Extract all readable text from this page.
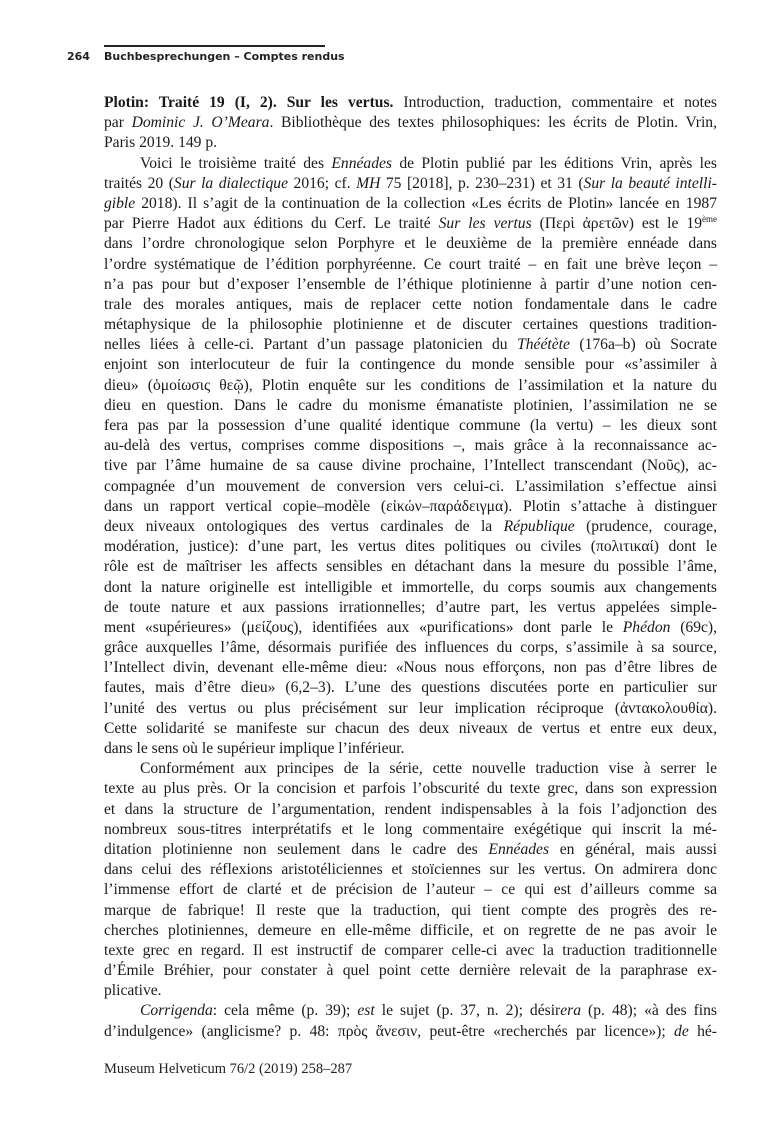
264 Buchbesprechungen – Comptes rendus
Plotin: Traité 19 (I, 2). Sur les vertus. Introduction, traduction, commentaire et notes
par Dominic J. O’Meara. Bibliothèque des textes philosophiques: les écrits de Plotin. Vrin,
Paris 2019. 149 p.
Voici le troisième traité des Ennéades de Plotin publié par les éditions Vrin, après les
traités 20 (Sur la dialectique 2016; cf. MH 75 [2018], p. 230–231) et 31 (Sur la beauté intelli-
gible 2018). Il s’agit de la continuation de la collection «Les écrits de Plotin» lancée en 1987
par Pierre Hadot aux éditions du Cerf. Le traité Sur les vertus (Περὶ ἀρετῶν) est le 19ème
dans l’ordre chronologique selon Porphyre et le deuxième de la première ennéade dans
l’ordre systématique de l’édition porphyréenne. Ce court traité – en fait une brève leçon –
n’a pas pour but d’exposer l’ensemble de l’éthique plotinienne à partir d’une notion cen-
trale des morales antiques, mais de replacer cette notion fondamentale dans le cadre
métaphysique de la philosophie plotinienne et de discuter certaines questions tradition-
nelles liées à celle-ci. Partant d’un passage platonicien du Théétète (176a–b) où Socrate
enjoint son interlocuteur de fuir la contingence du monde sensible pour «s’assimiler à
dieu» (ὁμοίωσις θεῷ), Plotin enquête sur les conditions de l’assimilation et la nature du
dieu en question. Dans le cadre du monisme émanatiste plotinien, l’assimilation ne se
fera pas par la possession d’une qualité identique commune (la vertu) – les dieux sont
au-delà des vertus, comprises comme dispositions –, mais grâce à la reconnaissance ac-
tive par l’âme humaine de sa cause divine prochaine, l’Intellect transcendant (Νοῦς), ac-
compagnée d’un mouvement de conversion vers celui-ci. L’assimilation s’effectue ainsi
dans un rapport vertical copie–modèle (εἰκών–παράδειγμα). Plotin s’attache à distinguer
deux niveaux ontologiques des vertus cardinales de la République (prudence, courage,
modération, justice): d’une part, les vertus dites politiques ou civiles (πολιτικαί) dont le
rôle est de maîtriser les affects sensibles en détachant dans la mesure du possible l’âme,
dont la nature originelle est intelligible et immortelle, du corps soumis aux changements
de toute nature et aux passions irrationnelles; d’autre part, les vertus appelées simple-
ment «supérieures» (μείζους), identifiées aux «purifications» dont parle le Phédon (69c),
grâce auxquelles l’âme, désormais purifiée des influences du corps, s’assimile à sa source,
l’Intellect divin, devenant elle-même dieu: «Nous nous efforçons, non pas d’être libres de
fautes, mais d’être dieu» (6,2–3). L’une des questions discutées porte en particulier sur
l’unité des vertus ou plus précisément sur leur implication réciproque (ἀντακολουθία).
Cette solidarité se manifeste sur chacun des deux niveaux de vertus et entre eux deux,
dans le sens où le supérieur implique l’inférieur.
Conformément aux principes de la série, cette nouvelle traduction vise à serrer le
texte au plus près. Or la concision et parfois l’obscurité du texte grec, dans son expression
et dans la structure de l’argumentation, rendent indispensables à la fois l’adjonction des
nombreux sous-titres interprétatifs et le long commentaire exégétique qui inscrit la mé-
ditation plotinienne non seulement dans le cadre des Ennéades en général, mais aussi
dans celui des réflexions aristotéliciennes et stoïciennes sur les vertus. On admirera donc
l’immense effort de clarté et de précision de l’auteur – ce qui est d’ailleurs comme sa
marque de fabrique! Il reste que la traduction, qui tient compte des progrès des re-
cherches plotiniennes, demeure en elle-même difficile, et on regrette de ne pas avoir le
texte grec en regard. Il est instructif de comparer celle-ci avec la traduction traditionnelle
d’Émile Bréhier, pour constater à quel point cette dernière relevait de la paraphrase ex-
plicative.
Corrigenda: cela même (p. 39); est le sujet (p. 37, n. 2); désirera (p. 48); «à des fins
d’indulgence» (anglicisme? p. 48: πρὸς ἄνεσιν, peut-être «recherchés par licence»); de hé-
Museum Helveticum 76/2 (2019) 258–287
